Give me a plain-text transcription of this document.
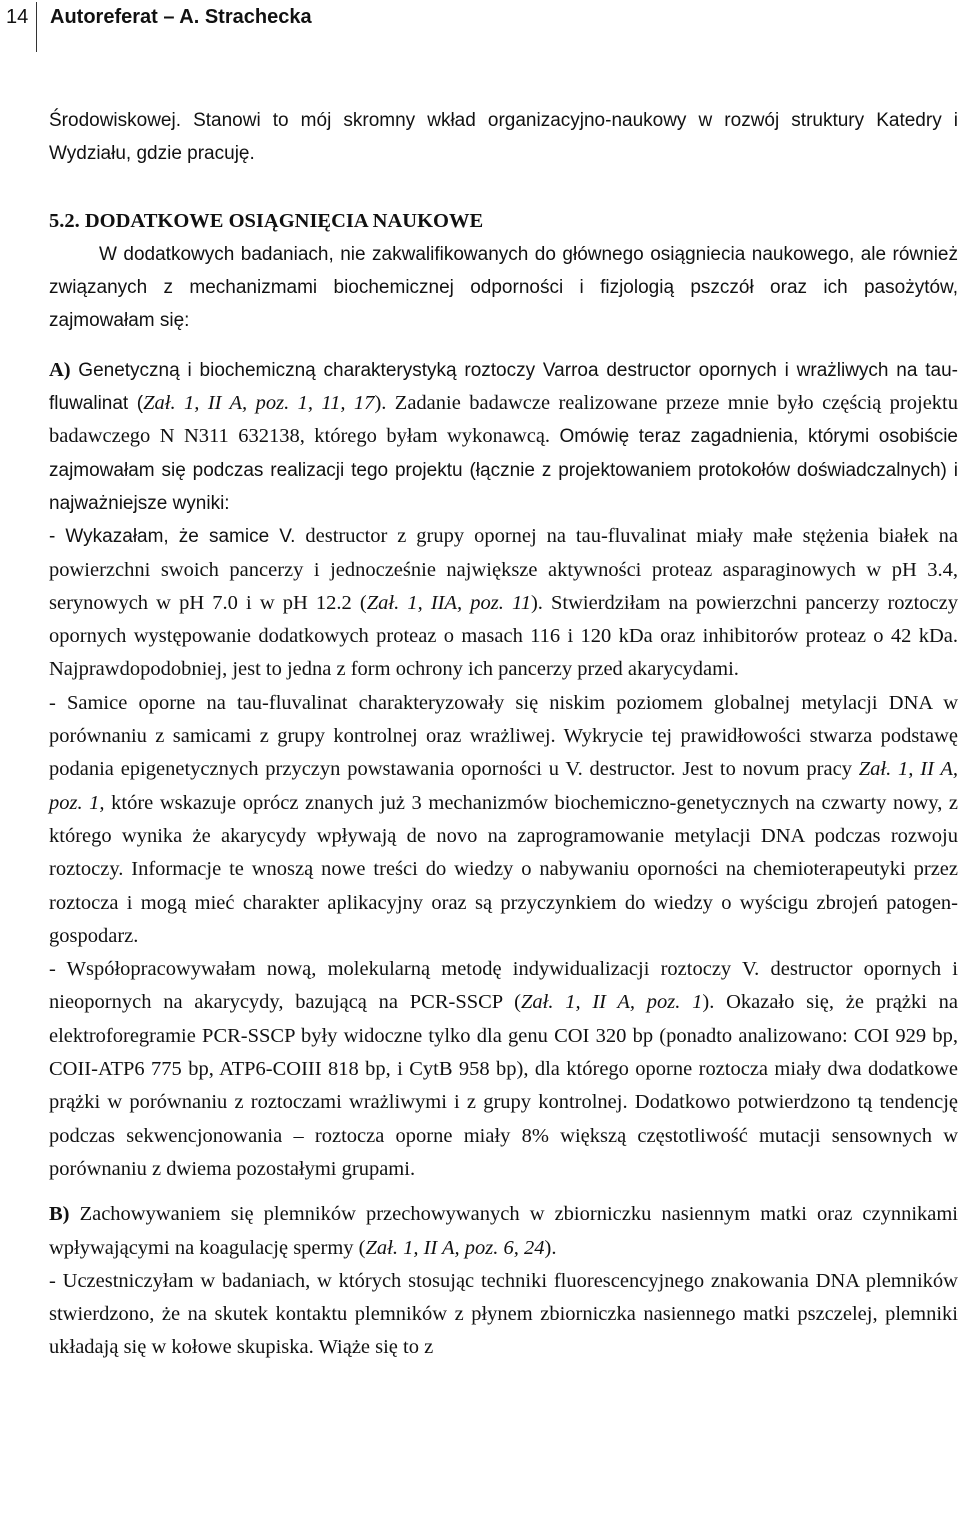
14 Autoreferat – A. Strachecka

Środowiskowej. Stanowi to mój skromny wkład organizacyjno-naukowy w rozwój struktury Katedry i Wydziału, gdzie pracuję.

5.2. DODATKOWE OSIĄGNIĘCIA NAUKOWE

W dodatkowych badaniach, nie zakwalifikowanych do głównego osiągniecia naukowego, ale również związanych z mechanizmami biochemicznej odporności i fizjologią pszczół oraz ich pasożytów, zajmowałam się:

A) Genetyczną i biochemiczną charakterystyką roztoczy Varroa destructor opornych i wrażliwych na tau-fluwalinat (Zał. 1, II A, poz. 1, 11, 17). Zadanie badawcze realizowane przeze mnie było częścią projektu badawczego N N311 632138, którego byłam wykonawcą. Omówię teraz zagadnienia, którymi osobiście zajmowałam się podczas realizacji tego projektu (łącznie z projektowaniem protokołów doświadczalnych) i najważniejsze wyniki:

- Wykazałam, że samice V. destructor z grupy opornej na tau-fluvalinat miały małe stężenia białek na powierzchni swoich pancerzy i jednocześnie największe aktywności proteaz asparaginowych w pH 3.4, serynowych w pH 7.0 i w pH 12.2 (Zał. 1, IIA, poz. 11). Stwierdziłam na powierzchni pancerzy roztoczy opornych występowanie dodatkowych proteaz o masach 116 i 120 kDa oraz inhibitorów proteaz o 42 kDa. Najprawdopodobniej, jest to jedna z form ochrony ich pancerzy przed akarycydami.

- Samice oporne na tau-fluvalinat charakteryzowały się niskim poziomem globalnej metylacji DNA w porównaniu z samicami z grupy kontrolnej oraz wrażliwej. Wykrycie tej prawidłowości stwarza podstawę podania epigenetycznych przyczyn powstawania oporności u V. destructor. Jest to novum pracy Zał. 1, II A, poz. 1, które wskazuje oprócz znanych już 3 mechanizmów biochemiczno-genetycznych na czwarty nowy, z którego wynika że akarycydy wpływają de novo na zaprogramowanie metylacji DNA podczas rozwoju roztoczy. Informacje te wnoszą nowe treści do wiedzy o nabywaniu oporności na chemioterapeutyki przez roztocza i mogą mieć charakter aplikacyjny oraz są przyczynkiem do wiedzy o wyścigu zbrojeń patogen-gospodarz.

- Współopracowywałam nową, molekularną metodę indywidualizacji roztoczy V. destructor opornych i nieopornych na akarycydy, bazującą na PCR-SSCP (Zał. 1, II A, poz. 1). Okazało się, że prążki na elektroforegramie PCR-SSCP były widoczne tylko dla genu COI 320 bp (ponadto analizowano: COI 929 bp, COII-ATP6 775 bp, ATP6-COIII 818 bp, i CytB 958 bp), dla którego oporne roztocza miały dwa dodatkowe prążki w porównaniu z roztoczami wrażliwymi i z grupy kontrolnej. Dodatkowo potwierdzono tą tendencję podczas sekwencjonowania – roztocza oporne miały 8% większą częstotliwość mutacji sensownych w porównaniu z dwiema pozostałymi grupami.

B) Zachowywaniem się plemników przechowywanych w zbiorniczku nasiennym matki oraz czynnikami wpływającymi na koagulację spermy (Zał. 1, II A, poz. 6, 24).

- Uczestniczyłam w badaniach, w których stosując techniki fluorescencyjnego znakowania DNA plemników stwierdzono, że na skutek kontaktu plemników z płynem zbiorniczka nasiennego matki pszczelej, plemniki układają się w kołowe skupiska. Wiąże się to z
